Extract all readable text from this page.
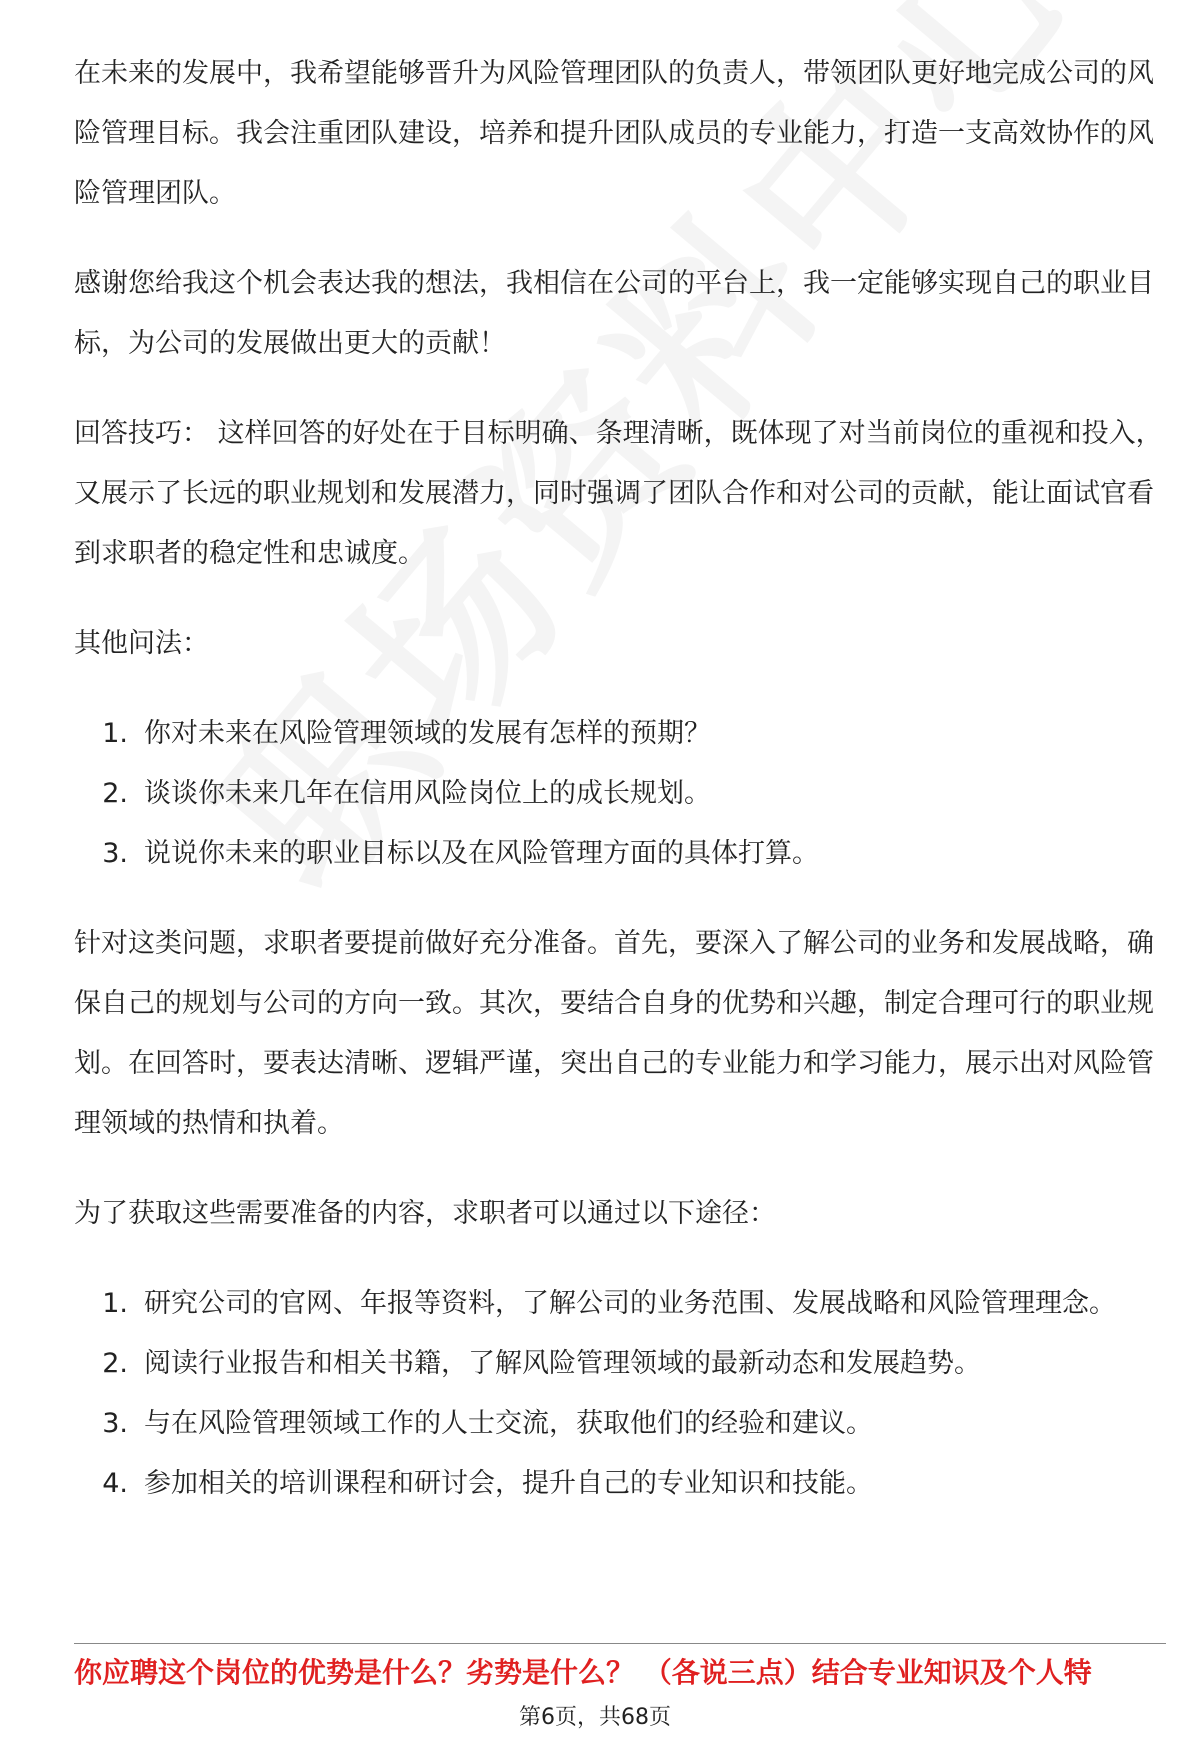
在未来的发展中，我希望能够晋升为风险管理团队的负责人，带领团队更好地完成公司的风险管理目标。我会注重团队建设，培养和提升团队成员的专业能力，打造一支高效协作的风险管理团队。

感谢您给我这个机会表达我的想法，我相信在公司的平台上，我一定能够实现自己的职业目标，为公司的发展做出更大的贡献！

回答技巧： 这样回答的好处在于目标明确、条理清晰，既体现了对当前岗位的重视和投入，又展示了长远的职业规划和发展潜力，同时强调了团队合作和对公司的贡献，能让面试官看到求职者的稳定性和忠诚度。

其他问法：

1. 你对未来在风险管理领域的发展有怎样的预期？
2. 谈谈你未来几年在信用风险岗位上的成长规划。
3. 说说你未来的职业目标以及在风险管理方面的具体打算。

针对这类问题，求职者要提前做好充分准备。首先，要深入了解公司的业务和发展战略，确保自己的规划与公司的方向一致。其次，要结合自身的优势和兴趣，制定合理可行的职业规划。在回答时，要表达清晰、逻辑严谨，突出自己的专业能力和学习能力，展示出对风险管理领域的热情和执着。

为了获取这些需要准备的内容，求职者可以通过以下途径：

1. 研究公司的官网、年报等资料，了解公司的业务范围、发展战略和风险管理理念。
2. 阅读行业报告和相关书籍，了解风险管理领域的最新动态和发展趋势。
3. 与在风险管理领域工作的人士交流，获取他们的经验和建议。
4. 参加相关的培训课程和研讨会，提升自己的专业知识和技能。
你应聘这个岗位的优势是什么？劣势是什么？ （各说三点）结合专业知识及个人特
第6页，共68页
